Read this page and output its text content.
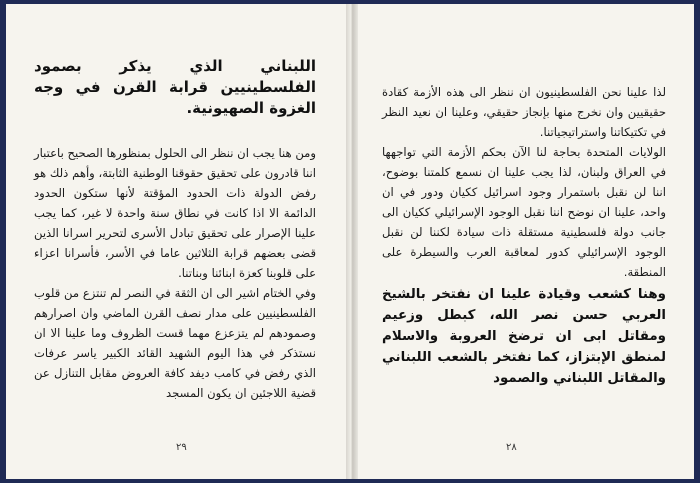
اللبناني الذي يذكر بصمود الفلسطينيين قرابة القرن في وجه الغزوة الصهيونية.

ومن هنا يجب ان ننظر الى الحلول بمنظورها الصحيح باعتبار اننا قادرون على تحقيق حقوقنا الوطنية الثابتة، وأهم ذلك هو رفض الدولة ذات الحدود المؤقتة لأنها ستكون الحدود الدائمة الا اذا كانت في نطاق سنة واحدة لا غير، كما يجب علينا الإصرار على تحقيق تبادل الأسرى لتحرير اسرانا الذين قضى بعضهم قرابة الثلاثين عاما في الأسر، فأسرانا اعزاء على قلوبنا كعزة ابنائنا وبناتنا.

وفي الختام اشير الى ان الثقة في النصر لم تنتزع من قلوب الفلسطينيين على مدار نصف القرن الماضي وان اصرارهم وصمودهم لم يتزعزع مهما قست الظروف وما علينا الا ان نستذكر في هذا اليوم الشهيد القائد الكبير ياسر عرفات الذي رفض في كامب ديفد كافة العروض مقابل التنازل عن قضية اللاجئين ان يكون المسجد

٢٩

لذا علينا نحن الفلسطينيون ان ننظر الى هذه الأزمة كقادة حقيقيين وان نخرج منها بإنجاز حقيقي، وعلينا ان نعيد النظر في تكتيكاتنا واستراتيجياتنا.

الولايات المتحدة بحاجة لنا الآن بحكم الأزمة التي تواجهها في العراق ولبنان، لذا يجب علينا ان نسمع كلمتنا بوضوح، اننا لن نقبل باستمرار وجود اسرائيل ككيان ودور في ان واحد، علينا ان نوضح اننا نقبل الوجود الإسرائيلي ككيان الى جانب دولة فلسطينية مستقلة ذات سيادة لكننا لن نقبل الوجود الإسرائيلي كدور لمعاقبة العرب والسيطرة على المنطقة.

وهنا كشعب وقيادة علينا ان نفتخر بالشيخ العربي حسن نصر الله، كبطل وزعيم ومقاتل ابى ان ترضخ العروبة والاسلام لمنطق الإبتزاز، كما نفتخر بالشعب اللبناني والمقاتل اللبناني والصمود

٢٨
